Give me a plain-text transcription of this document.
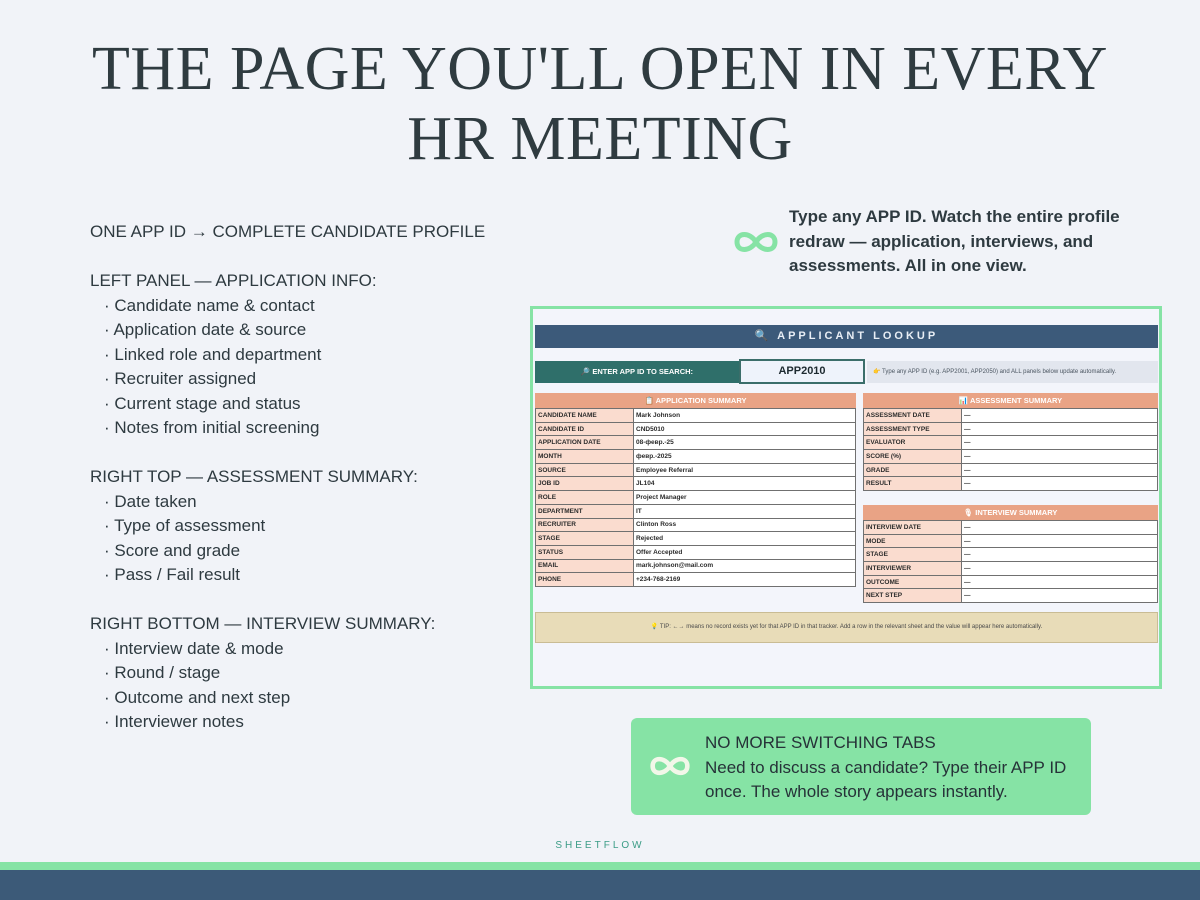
THE PAGE YOU'LL OPEN IN EVERY
HR MEETING
ONE APP ID → COMPLETE CANDIDATE PROFILE
LEFT PANEL — APPLICATION INFO:
· Candidate name & contact
· Application date & source
· Linked role and department
· Recruiter assigned
· Current stage and status
· Notes from initial screening
RIGHT TOP — ASSESSMENT SUMMARY:
· Date taken
· Type of assessment
· Score and grade
· Pass / Fail result
RIGHT BOTTOM — INTERVIEW SUMMARY:
· Interview date & mode
· Round / stage
· Outcome and next step
· Interviewer notes
Type any APP ID. Watch the entire profile redraw — application, interviews, and assessments. All in one view.
🔍 APPLICANT LOOKUP
🔎 ENTER APP ID TO SEARCH:	APP2010	👉 Type any APP ID (e.g. APP2001, APP2050) and ALL panels below update automatically.
📋 APPLICATION SUMMARY
CANDIDATE NAME	Mark Johnson
CANDIDATE ID	CND5010
APPLICATION DATE	08-февр.-25
MONTH	февр.-2025
SOURCE	Employee Referral
JOB ID	JL104
ROLE	Project Manager
DEPARTMENT	IT
RECRUITER	Clinton Ross
STAGE	Rejected
STATUS	Offer Accepted
EMAIL	mark.johnson@mail.com
PHONE	+234-768-2169
📊 ASSESSMENT SUMMARY
ASSESSMENT DATE	—
ASSESSMENT TYPE	—
EVALUATOR	—
SCORE (%)	—
GRADE	—
RESULT	—
🎙 INTERVIEW SUMMARY
INTERVIEW DATE	—
MODE	—
STAGE	—
INTERVIEWER	—
OUTCOME	—
NEXT STEP	—
💡 TIP: ←→ means no record exists yet for that APP ID in that tracker. Add a row in the relevant sheet and the value will appear here automatically.
NO MORE SWITCHING TABS
Need to discuss a candidate? Type their APP ID once. The whole story appears instantly.
SHEETFLOW
